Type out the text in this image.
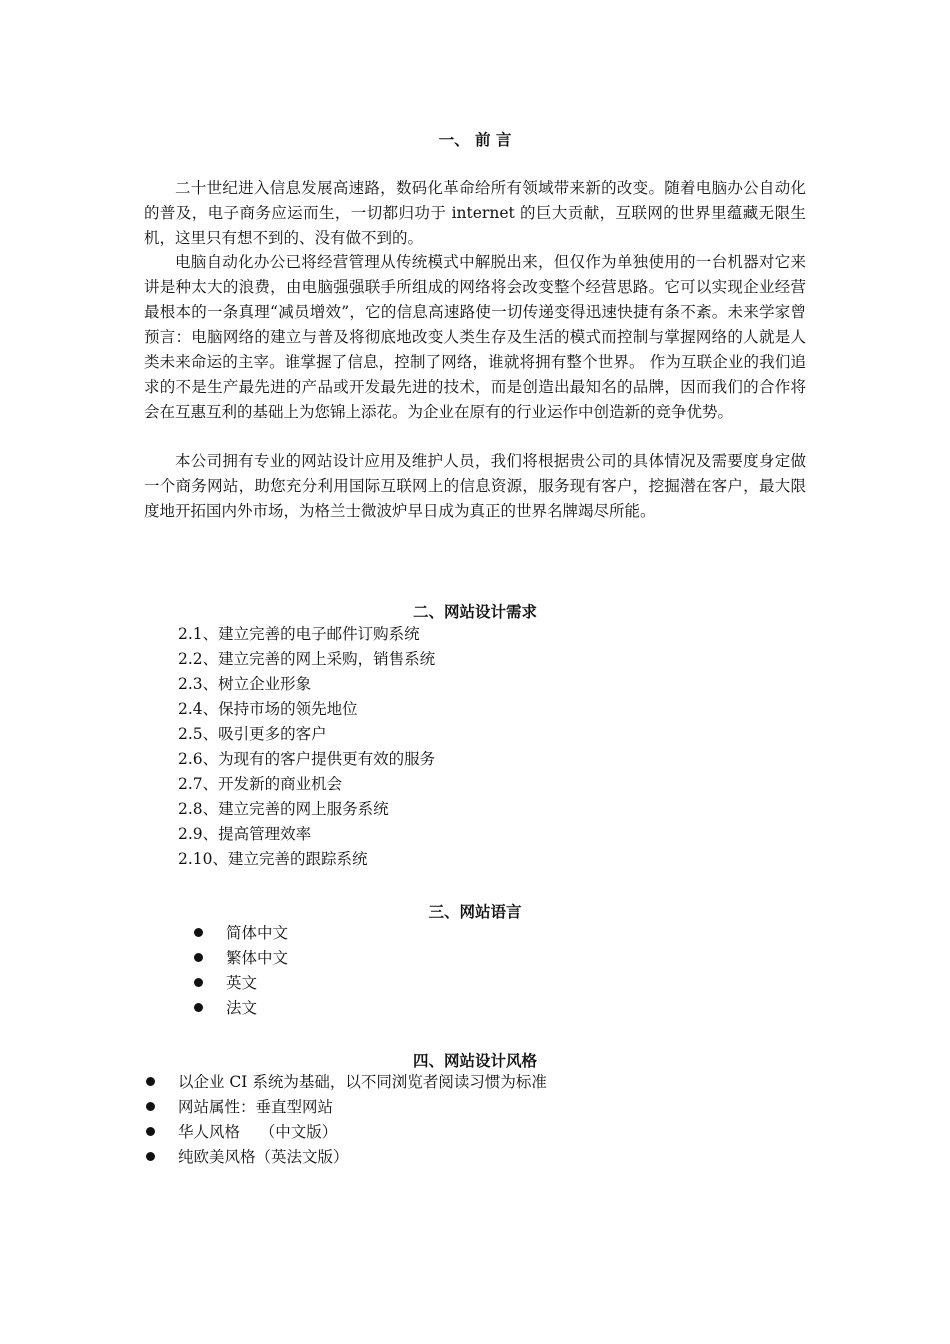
一、 前 言
二十世纪进入信息发展高速路，数码化革命给所有领域带来新的改变。随着电脑办公自动化的普及，电子商务应运而生，一切都归功于 internet 的巨大贡献，互联网的世界里蕴藏无限生机，这里只有想不到的、没有做不到的。
电脑自动化办公已将经营管理从传统模式中解脱出来，但仅作为单独使用的一台机器对它来讲是种太大的浪费，由电脑强强联手所组成的网络将会改变整个经营思路。它可以实现企业经营最根本的一条真理“减员增效”，它的信息高速路使一切传递变得迅速快捷有条不紊。未来学家曾预言：电脑网络的建立与普及将彻底地改变人类生存及生活的模式而控制与掌握网络的人就是人类未来命运的主宰。谁掌握了信息，控制了网络，谁就将拥有整个世界。 作为互联企业的我们追求的不是生产最先进的产品或开发最先进的技术，而是创造出最知名的品牌，因而我们的合作将会在互惠互利的基础上为您锦上添花。为企业在原有的行业运作中创造新的竞争优势。
本公司拥有专业的网站设计应用及维护人员，我们将根据贵公司的具体情况及需要度身定做一个商务网站，助您充分利用国际互联网上的信息资源，服务现有客户，挖掘潜在客户，最大限度地开拓国内外市场，为格兰士微波炉早日成为真正的世界名牌竭尽所能。
二、网站设计需求
2.1、建立完善的电子邮件订购系统
2.2、建立完善的网上采购，销售系统
2.3、树立企业形象
2.4、保持市场的领先地位
2.5、吸引更多的客户
2.6、为现有的客户提供更有效的服务
2.7、开发新的商业机会
2.8、建立完善的网上服务系统
2.9、提高管理效率
2.10、建立完善的跟踪系统
三、网站语言
简体中文
繁体中文
英文
法文
四、网站设计风格
以企业 CI 系统为基础，以不同浏览者阅读习惯为标准
网站属性：垂直型网站
华人风格    （中文版）
纯欧美风格（英法文版）
